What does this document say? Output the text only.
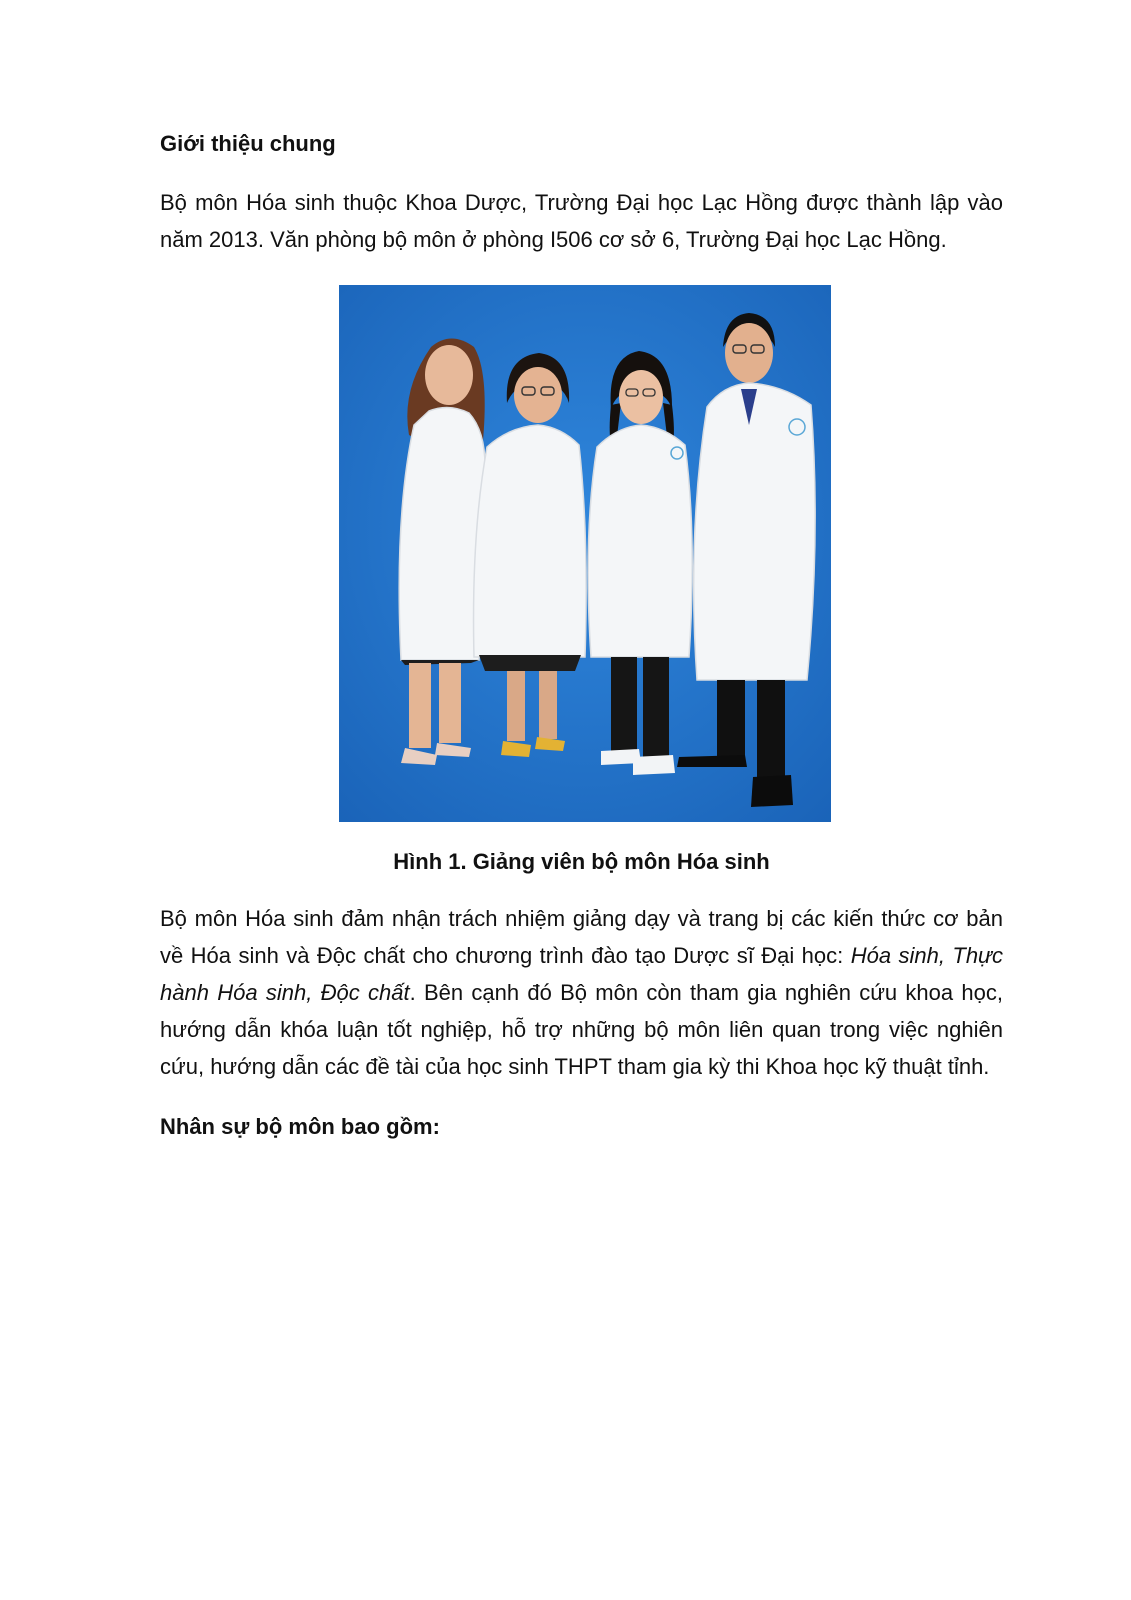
Giới thiệu chung

Bộ môn Hóa sinh thuộc Khoa Dược, Trường Đại học Lạc Hồng được thành lập vào năm 2013. Văn phòng bộ môn ở phòng I506 cơ sở 6, Trường Đại học Lạc Hồng.

Hình 1. Giảng viên bộ môn Hóa sinh

Bộ môn Hóa sinh đảm nhận trách nhiệm giảng dạy và trang bị các kiến thức cơ bản về Hóa sinh và Độc chất cho chương trình đào tạo Dược sĩ Đại học: Hóa sinh, Thực hành Hóa sinh, Độc chất. Bên cạnh đó Bộ môn còn tham gia nghiên cứu khoa học, hướng dẫn khóa luận tốt nghiệp, hỗ trợ những bộ môn liên quan trong việc nghiên cứu, hướng dẫn các đề tài của học sinh THPT tham gia kỳ thi Khoa học kỹ thuật tỉnh.

Nhân sự bộ môn bao gồm:
